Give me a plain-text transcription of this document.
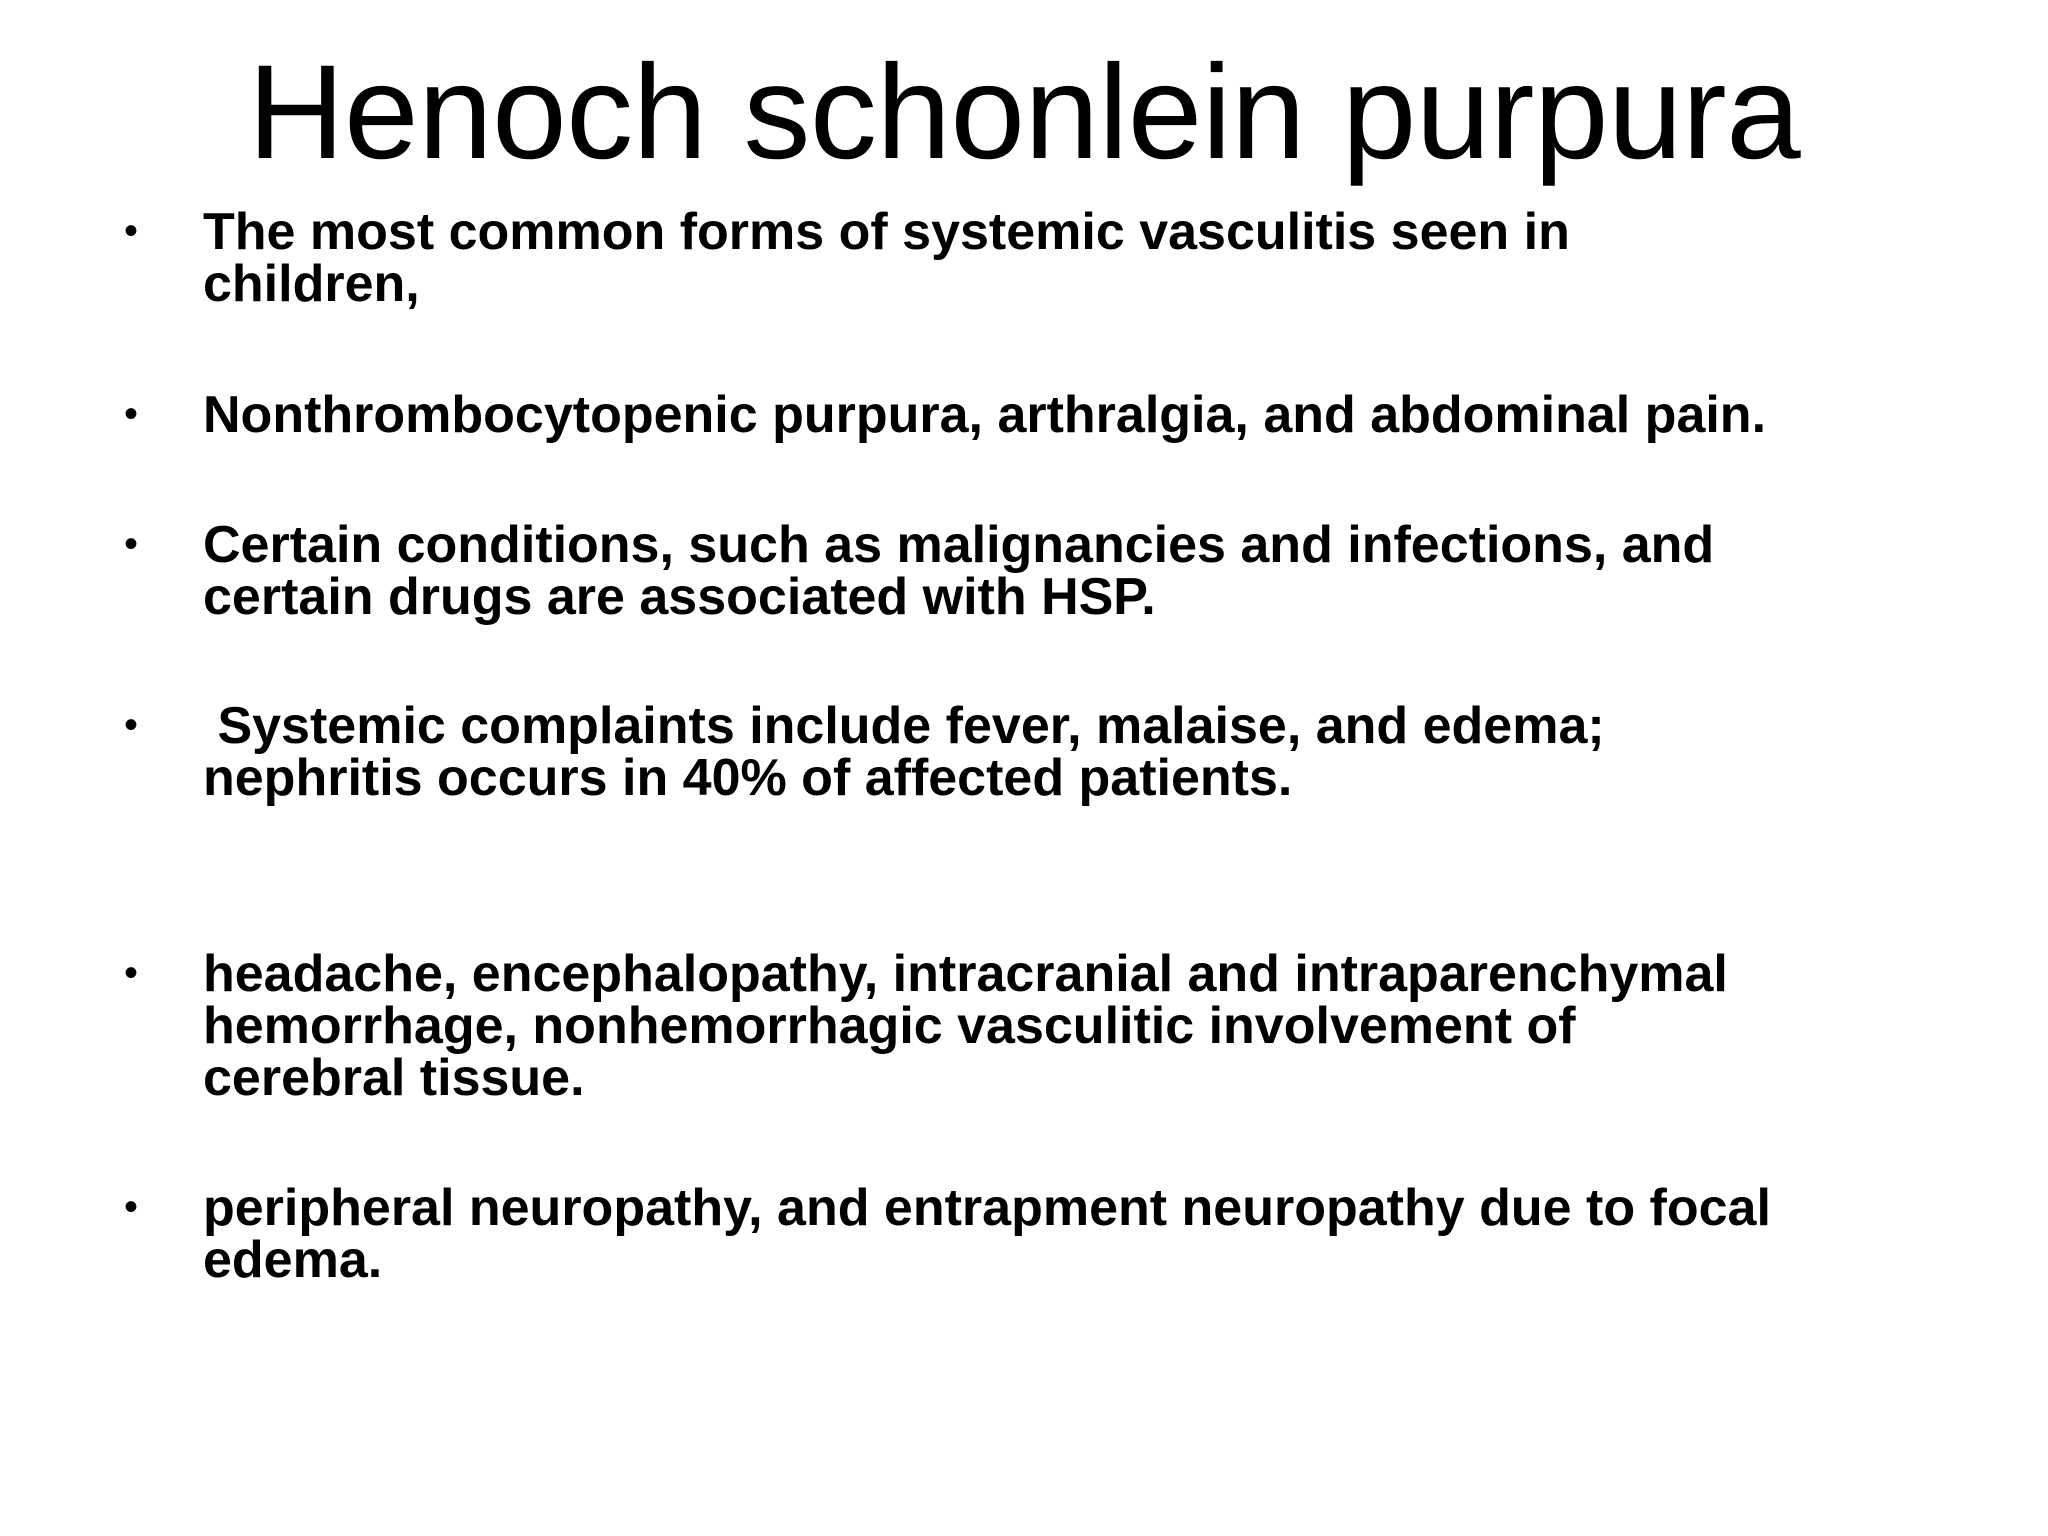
Henoch schonlein purpura
• The most common forms of systemic vasculitis seen in
children,
• Nonthrombocytopenic purpura, arthralgia, and abdominal pain.
• Certain conditions, such as malignancies and infections, and
certain drugs are associated with HSP.
• Systemic complaints include fever, malaise, and edema;
nephritis occurs in 40% of affected patients.
• headache, encephalopathy, intracranial and intraparenchymal
hemorrhage, nonhemorrhagic vasculitic involvement of
cerebral tissue.
• peripheral neuropathy, and entrapment neuropathy due to focal
edema.
